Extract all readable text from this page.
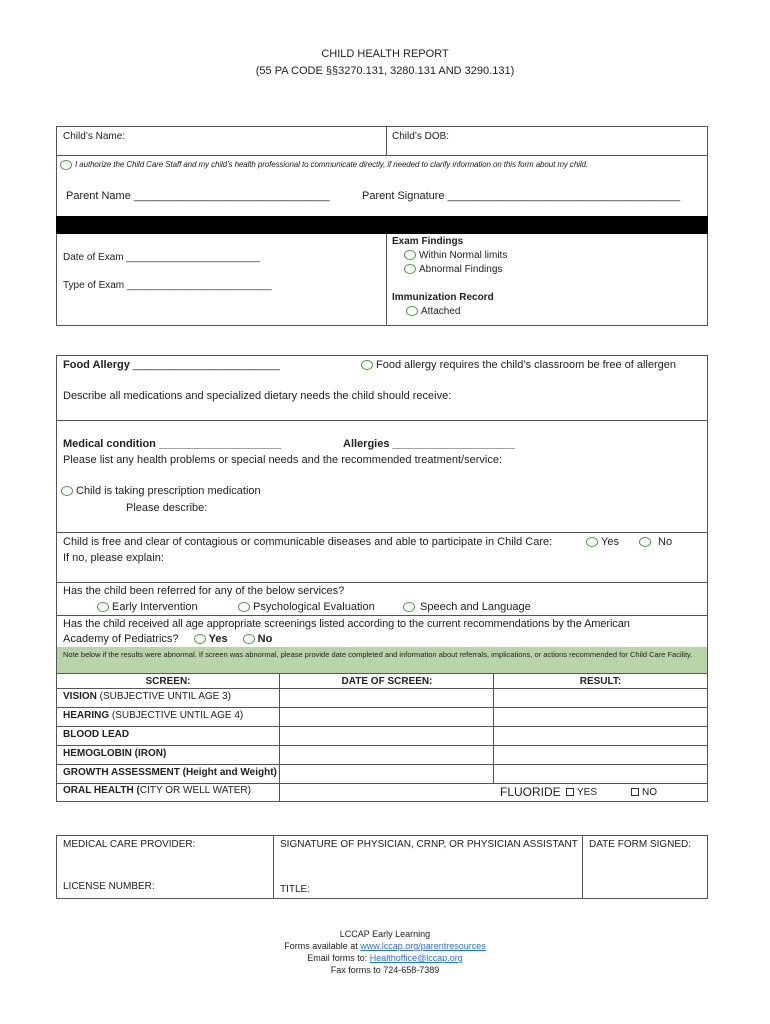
CHILD HEALTH REPORT
(55 PA CODE §§3270.131, 3280.131 AND 3290.131)
Child’s Name:	Child’s DOB:
I authorize the Child Care Staff and my child’s health professional to communicate directly, if needed to clarify information on this form about my child.
Parent Name ________________________________	Parent Signature ______________________________________
Date of Exam ________________________
Type of Exam __________________________
Exam Findings
Within Normal limits
Abnormal Findings
Immunization Record
Attached
Food Allergy ________________________	Food allergy requires the child’s classroom be free of allergen
Describe all medications and specialized dietary needs the child should receive:
Medical condition ____________________	Allergies ____________________
Please list any health problems or special needs and the recommended treatment/service:
Child is taking prescription medication
Please describe:
Child is free and clear of contagious or communicable diseases and able to participate in Child Care:	Yes	No
If no, please explain:
Has the child been referred for any of the below services?
Early Intervention	Psychological Evaluation	Speech and Language
Has the child received all age appropriate screenings listed according to the current recommendations by the American
Academy of Pediatrics?	Yes	No
Note below if the results were abnormal. If screen was abnormal, please provide date completed and information about referrals, implications, or actions recommended for Child Care Facility.
SCREEN:	DATE OF SCREEN:	RESULT:
VISION (SUBJECTIVE UNTIL AGE 3)
HEARING (SUBJECTIVE UNTIL AGE 4)
BLOOD LEAD
HEMOGLOBIN (IRON)
GROWTH ASSESSMENT (Height and Weight)
ORAL HEALTH (CITY OR WELL WATER)	FLUORIDE	YES	NO
MEDICAL CARE PROVIDER:
LICENSE NUMBER:
SIGNATURE OF PHYSICIAN, CRNP, OR PHYSICIAN ASSISTANT
TITLE:
DATE FORM SIGNED:
LCCAP Early Learning
Forms available at www.lccap.org/parentresources
Email forms to: Healthoffice@lccap.org
Fax forms to 724-658-7389
